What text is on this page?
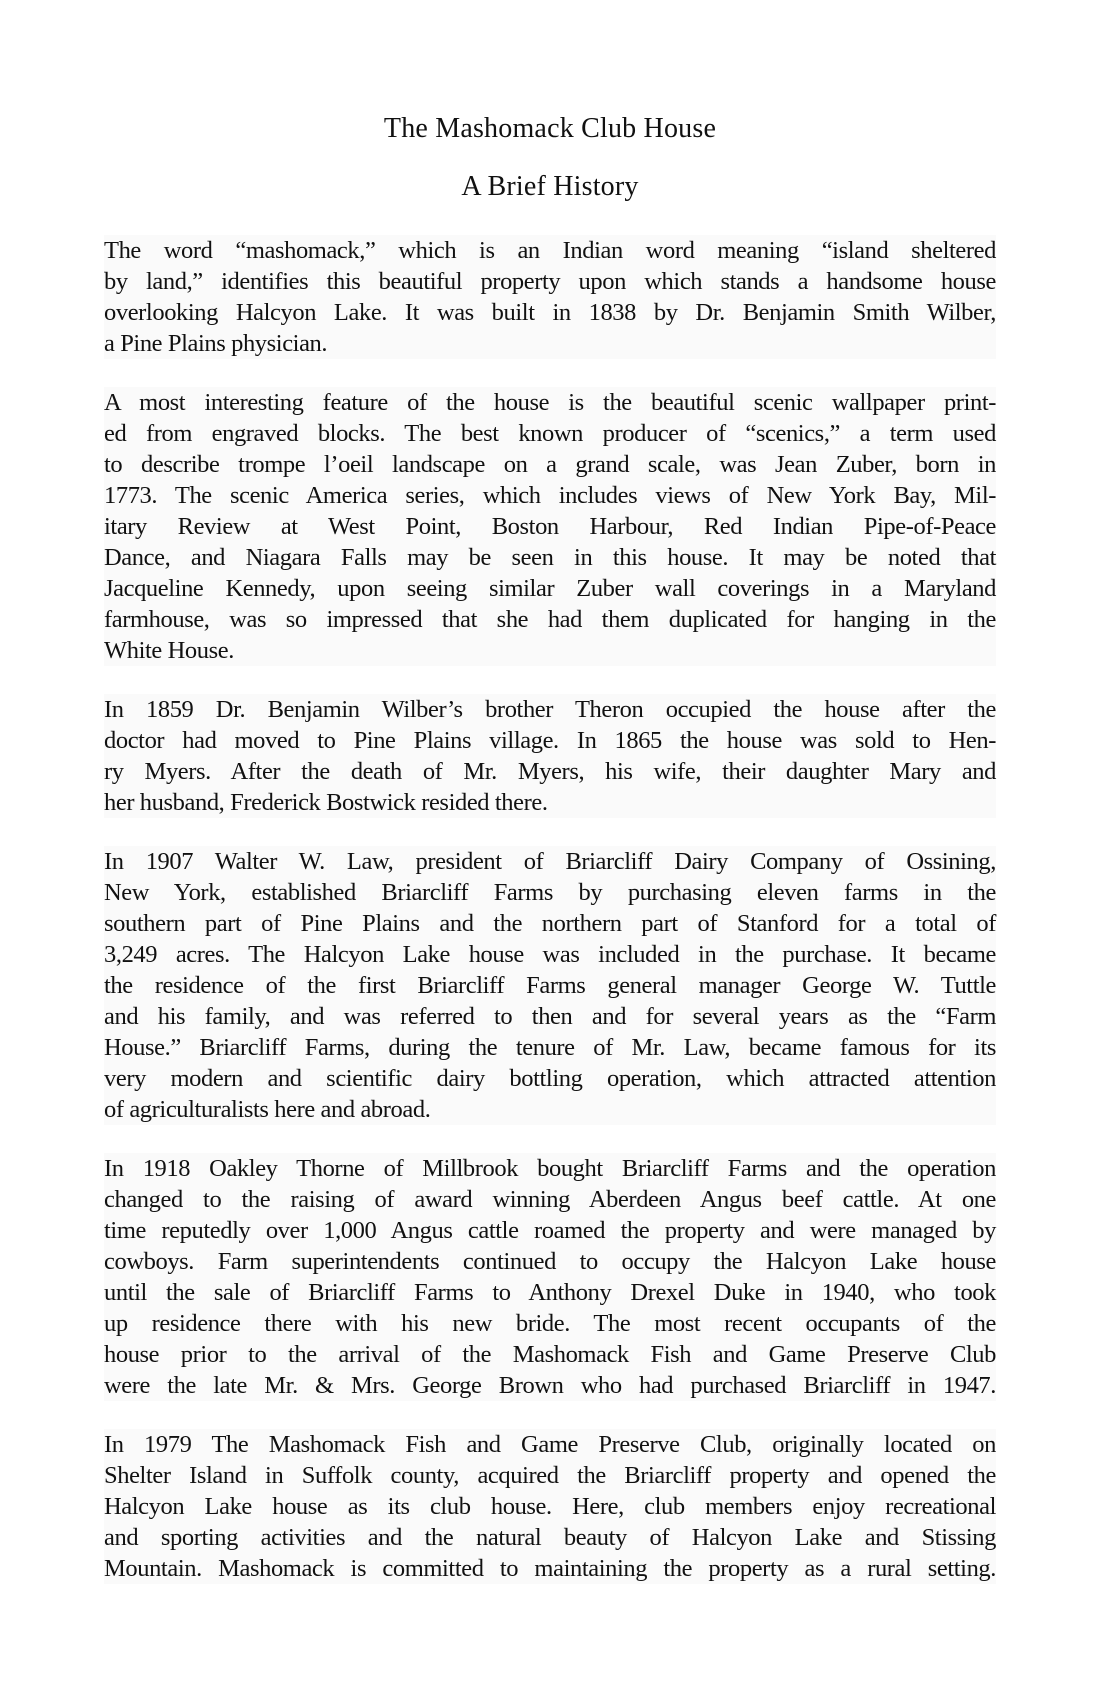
The Mashomack Club House
A Brief History
The word “mashomack,” which is an Indian word meaning “island sheltered
by land,” identifies this beautiful property upon which stands a handsome house
overlooking Halcyon Lake. It was built in 1838 by Dr. Benjamin Smith Wilber,
a Pine Plains physician.
A most interesting feature of the house is the beautiful scenic wallpaper print-
ed from engraved blocks. The best known producer of “scenics,” a term used
to describe trompe l’oeil landscape on a grand scale, was Jean Zuber, born in
1773. The scenic America series, which includes views of New York Bay, Mil-
itary Review at West Point, Boston Harbour, Red Indian Pipe-of-Peace
Dance, and Niagara Falls may be seen in this house. It may be noted that
Jacqueline Kennedy, upon seeing similar Zuber wall coverings in a Maryland
farmhouse, was so impressed that she had them duplicated for hanging in the
White House.
In 1859 Dr. Benjamin Wilber’s brother Theron occupied the house after the
doctor had moved to Pine Plains village. In 1865 the house was sold to Hen-
ry Myers. After the death of Mr. Myers, his wife, their daughter Mary and
her husband, Frederick Bostwick resided there.
In 1907 Walter W. Law, president of Briarcliff Dairy Company of Ossining,
New York, established Briarcliff Farms by purchasing eleven farms in the
southern part of Pine Plains and the northern part of Stanford for a total of
3,249 acres. The Halcyon Lake house was included in the purchase. It became
the residence of the first Briarcliff Farms general manager George W. Tuttle
and his family, and was referred to then and for several years as the “Farm
House.” Briarcliff Farms, during the tenure of Mr. Law, became famous for its
very modern and scientific dairy bottling operation, which attracted attention
of agriculturalists here and abroad.
In 1918 Oakley Thorne of Millbrook bought Briarcliff Farms and the operation
changed to the raising of award winning Aberdeen Angus beef cattle. At one
time reputedly over 1,000 Angus cattle roamed the property and were managed by
cowboys. Farm superintendents continued to occupy the Halcyon Lake house
until the sale of Briarcliff Farms to Anthony Drexel Duke in 1940, who took
up residence there with his new bride. The most recent occupants of the
house prior to the arrival of the Mashomack Fish and Game Preserve Club
were the late Mr. & Mrs. George Brown who had purchased Briarcliff in 1947.
In 1979 The Mashomack Fish and Game Preserve Club, originally located on
Shelter Island in Suffolk county, acquired the Briarcliff property and opened the
Halcyon Lake house as its club house. Here, club members enjoy recreational
and sporting activities and the natural beauty of Halcyon Lake and Stissing
Mountain. Mashomack is committed to maintaining the property as a rural setting.
